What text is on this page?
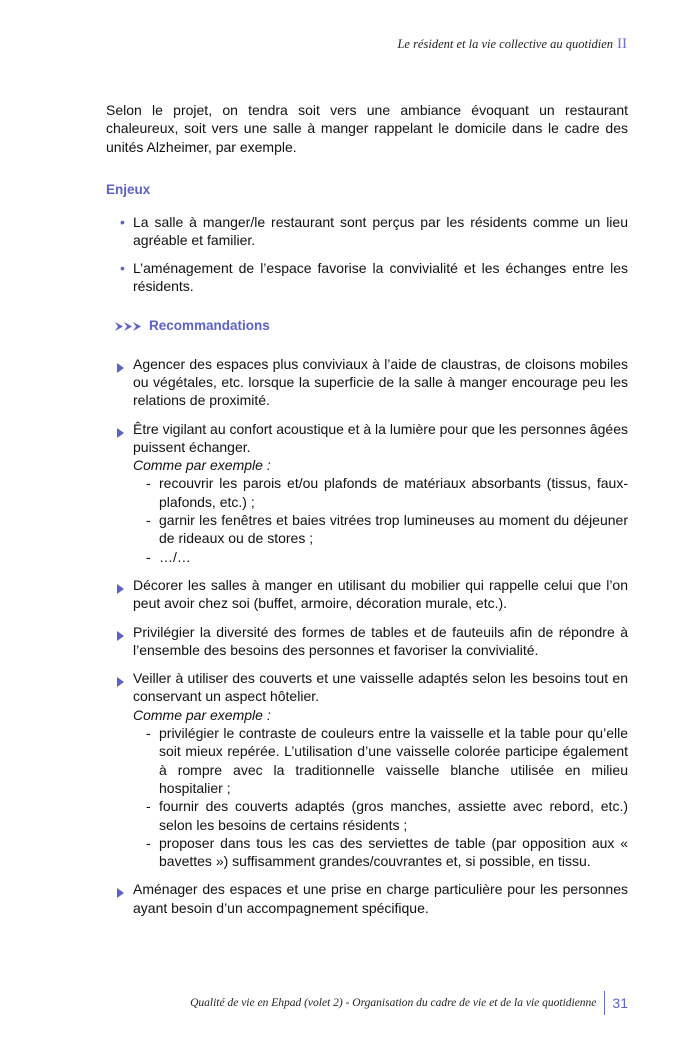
Le résident et la vie collective au quotidien II

Selon le projet, on tendra soit vers une ambiance évoquant un restaurant chaleureux, soit vers une salle à manger rappelant le domicile dans le cadre des unités Alzheimer, par exemple.

Enjeux
• La salle à manger/le restaurant sont perçus par les résidents comme un lieu agréable et familier.
• L’aménagement de l’espace favorise la convivialité et les échanges entre les résidents.
Recommandations
Agencer des espaces plus conviviaux à l’aide de claustras, de cloisons mobiles ou végétales, etc. lorsque la superficie de la salle à manger encourage peu les relations de proximité.
Être vigilant au confort acoustique et à la lumière pour que les personnes âgées puissent échanger.
Comme par exemple :
- recouvrir les parois et/ou plafonds de matériaux absorbants (tissus, faux-plafonds, etc.) ;
- garnir les fenêtres et baies vitrées trop lumineuses au moment du déjeuner de rideaux ou de stores ;
- …/…
Décorer les salles à manger en utilisant du mobilier qui rappelle celui que l’on peut avoir chez soi (buffet, armoire, décoration murale, etc.).
Privilégier la diversité des formes de tables et de fauteuils afin de répondre à l’ensemble des besoins des personnes et favoriser la convivialité.
Veiller à utiliser des couverts et une vaisselle adaptés selon les besoins tout en conservant un aspect hôtelier.
Comme par exemple :
- privilégier le contraste de couleurs entre la vaisselle et la table pour qu’elle soit mieux repérée. L’utilisation d’une vaisselle colorée participe également à rompre avec la traditionnelle vaisselle blanche utilisée en milieu hospitalier ;
- fournir des couverts adaptés (gros manches, assiette avec rebord, etc.) selon les besoins de certains résidents ;
- proposer dans tous les cas des serviettes de table (par opposition aux « bavettes ») suffisamment grandes/couvrantes et, si possible, en tissu.
Aménager des espaces et une prise en charge particulière pour les personnes ayant besoin d’un accompagnement spécifique.
Qualité de vie en Ehpad (volet 2) - Organisation du cadre de vie et de la vie quotidienne 31
